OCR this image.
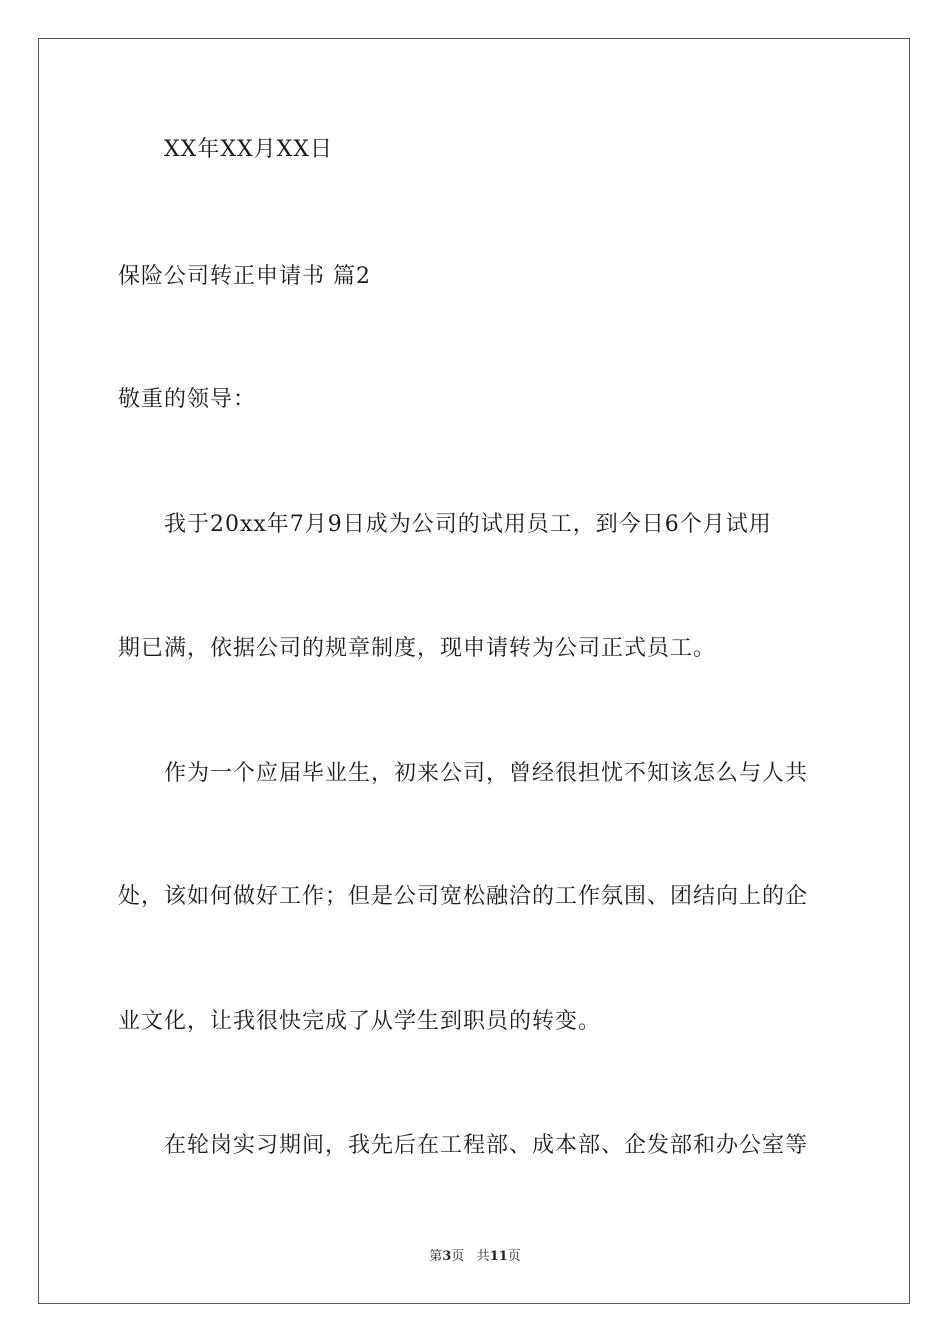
XX年XX月XX日
保险公司转正申请书 篇2
敬重的领导：
我于20xx年7月9日成为公司的试用员工，到今日6个月试用
期已满，依据公司的规章制度，现申请转为公司正式员工。
作为一个应届毕业生，初来公司，曾经很担忧不知该怎么与人共
处，该如何做好工作；但是公司宽松融洽的工作氛围、团结向上的企
业文化，让我很快完成了从学生到职员的转变。
在轮岗实习期间，我先后在工程部、成本部、企发部和办公室等
第3页 共11页
